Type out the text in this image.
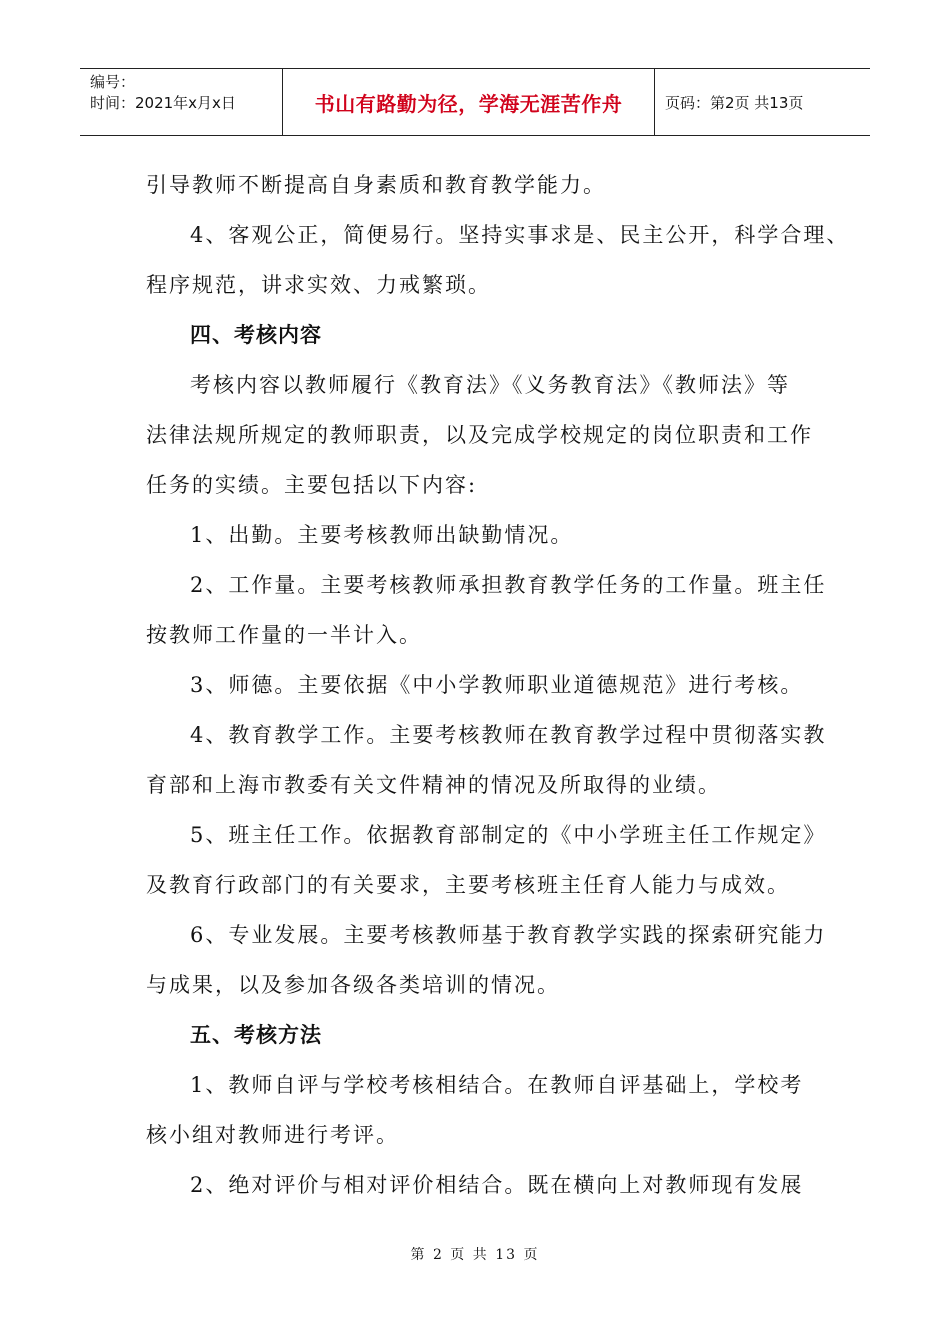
编号：
时间：2021年x月x日	书山有路勤为径，学海无涯苦作舟	页码：第2页 共13页

引导教师不断提高自身素质和教育教学能力。

4、客观公正，简便易行。坚持实事求是、民主公开，科学合理、

程序规范，讲求实效、力戒繁琐。

四、考核内容

考核内容以教师履行《教育法》《义务教育法》《教师法》等

法律法规所规定的教师职责，以及完成学校规定的岗位职责和工作

任务的实绩。主要包括以下内容:

1、出勤。主要考核教师出缺勤情况。

2、工作量。主要考核教师承担教育教学任务的工作量。班主任

按教师工作量的一半计入。

3、师德。主要依据《中小学教师职业道德规范》进行考核。

4、教育教学工作。主要考核教师在教育教学过程中贯彻落实教

育部和上海市教委有关文件精神的情况及所取得的业绩。

5、班主任工作。依据教育部制定的《中小学班主任工作规定》

及教育行政部门的有关要求，主要考核班主任育人能力与成效。

6、专业发展。主要考核教师基于教育教学实践的探索研究能力

与成果，以及参加各级各类培训的情况。

五、考核方法

1、教师自评与学校考核相结合。在教师自评基础上，学校考

核小组对教师进行考评。

2、绝对评价与相对评价相结合。既在横向上对教师现有发展

第 2 页 共 13 页
